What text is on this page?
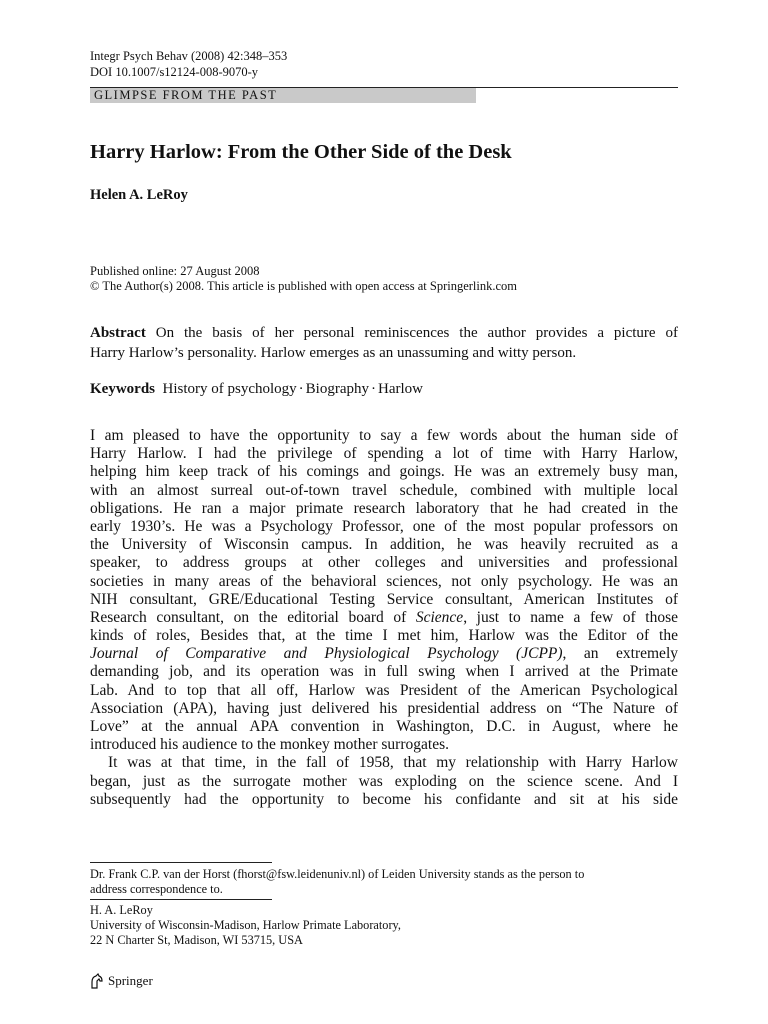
Integr Psych Behav (2008) 42:348–353
DOI 10.1007/s12124-008-9070-y
GLIMPSE FROM THE PAST
Harry Harlow: From the Other Side of the Desk
Helen A. LeRoy
Published online: 27 August 2008
© The Author(s) 2008. This article is published with open access at Springerlink.com
Abstract On the basis of her personal reminiscences the author provides a picture of
Harry Harlow’s personality. Harlow emerges as an unassuming and witty person.
Keywords History of psychology · Biography · Harlow
I am pleased to have the opportunity to say a few words about the human side of
Harry Harlow. I had the privilege of spending a lot of time with Harry Harlow,
helping him keep track of his comings and goings. He was an extremely busy man,
with an almost surreal out-of-town travel schedule, combined with multiple local
obligations. He ran a major primate research laboratory that he had created in the
early 1930’s. He was a Psychology Professor, one of the most popular professors on
the University of Wisconsin campus. In addition, he was heavily recruited as a
speaker, to address groups at other colleges and universities and professional
societies in many areas of the behavioral sciences, not only psychology. He was an
NIH consultant, GRE/Educational Testing Service consultant, American Institutes of
Research consultant, on the editorial board of Science, just to name a few of those
kinds of roles, Besides that, at the time I met him, Harlow was the Editor of the
Journal of Comparative and Physiological Psychology (JCPP), an extremely
demanding job, and its operation was in full swing when I arrived at the Primate
Lab. And to top that all off, Harlow was President of the American Psychological
Association (APA), having just delivered his presidential address on “The Nature of
Love” at the annual APA convention in Washington, D.C. in August, where he
introduced his audience to the monkey mother surrogates.
It was at that time, in the fall of 1958, that my relationship with Harry Harlow
began, just as the surrogate mother was exploding on the science scene. And I
subsequently had the opportunity to become his confidante and sit at his side
Dr. Frank C.P. van der Horst (fhorst@fsw.leidenuniv.nl) of Leiden University stands as the person to
address correspondence to.
H. A. LeRoy
University of Wisconsin-Madison, Harlow Primate Laboratory,
22 N Charter St, Madison, WI 53715, USA
Springer
